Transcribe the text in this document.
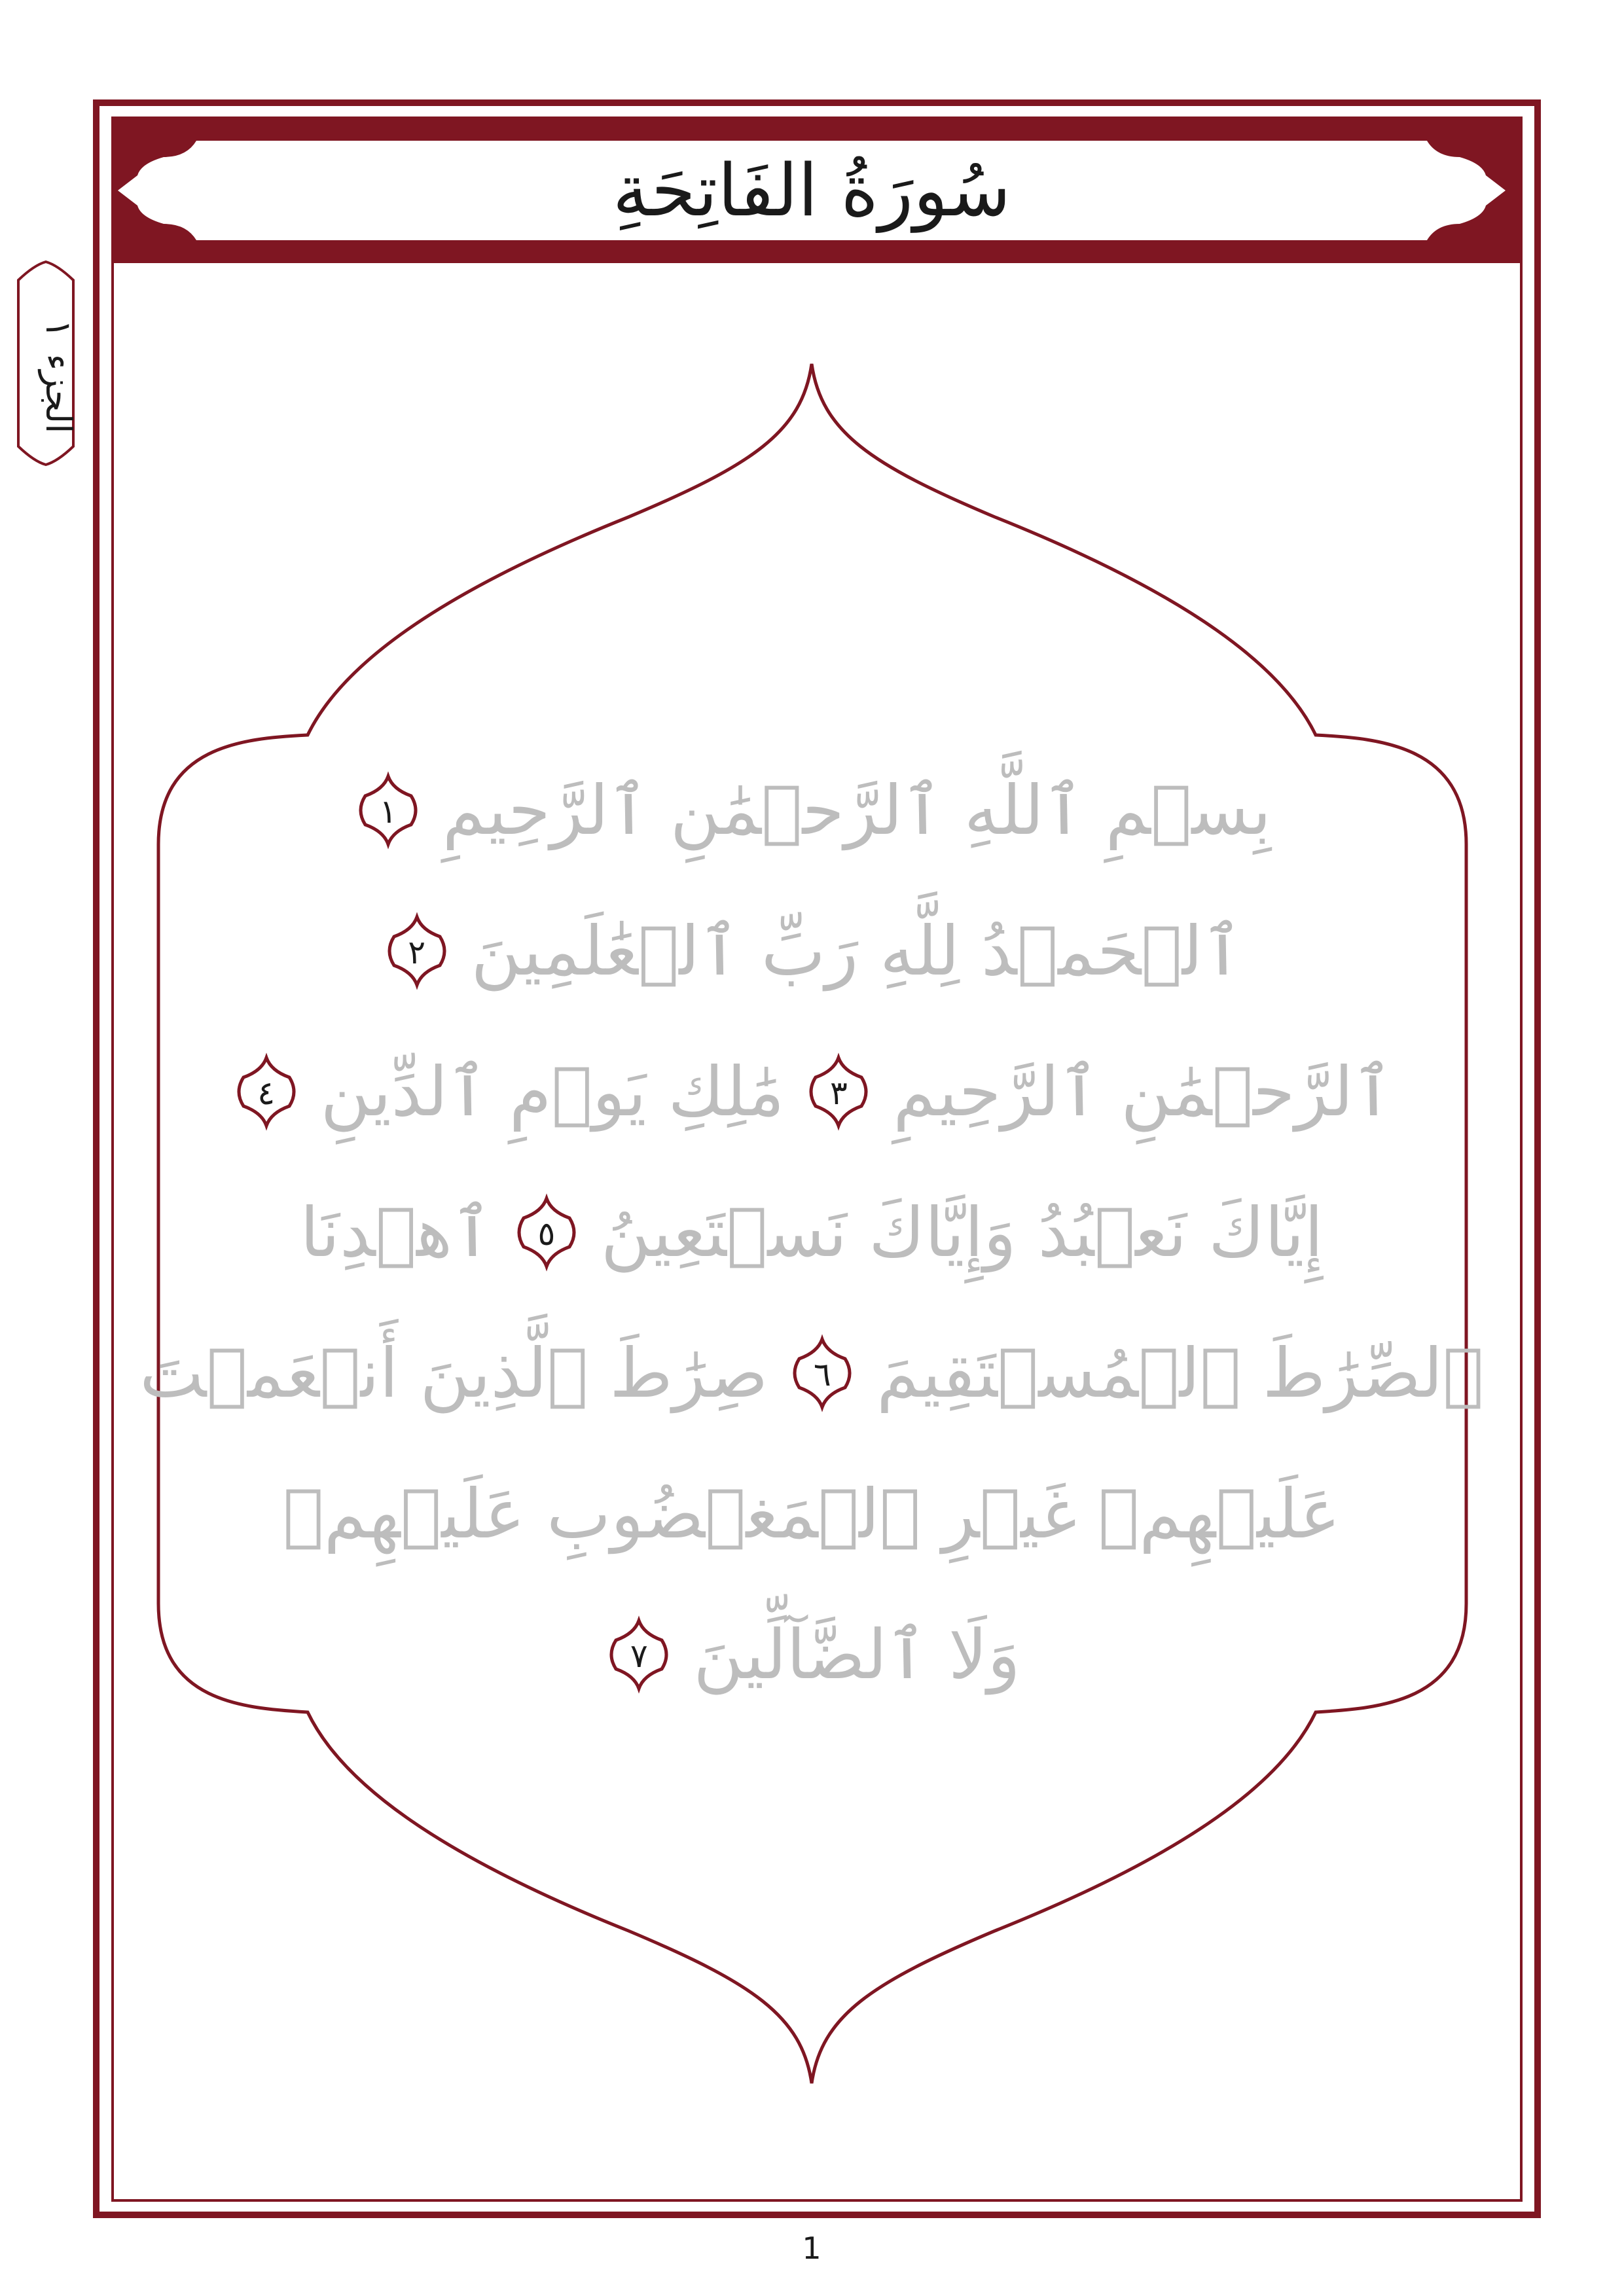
سُورَةُ الفَاتِحَةِ
الجزء
١
بِسۡمِ ٱللَّهِ ٱلرَّحۡمَٰنِ ٱلرَّحِيمِ
١
ٱلۡحَمۡدُ لِلَّهِ رَبِّ ٱلۡعَٰلَمِينَ
٢
ٱلرَّحۡمَٰنِ ٱلرَّحِيمِ
٣
مَٰلِكِ يَوۡمِ ٱلدِّينِ
٤
إِيَّاكَ نَعۡبُدُ وَإِيَّاكَ نَسۡتَعِينُ
٥
ٱهۡدِنَا
ٱلصِّرَٰطَ ٱلۡمُسۡتَقِيمَ
٦
صِرَٰطَ ٱلَّذِينَ أَنۡعَمۡتَ
عَلَيۡهِمۡ غَيۡرِ ٱلۡمَغۡضُوبِ عَلَيۡهِمۡ
وَلَا ٱلضَّآلِّينَ
٧
1
